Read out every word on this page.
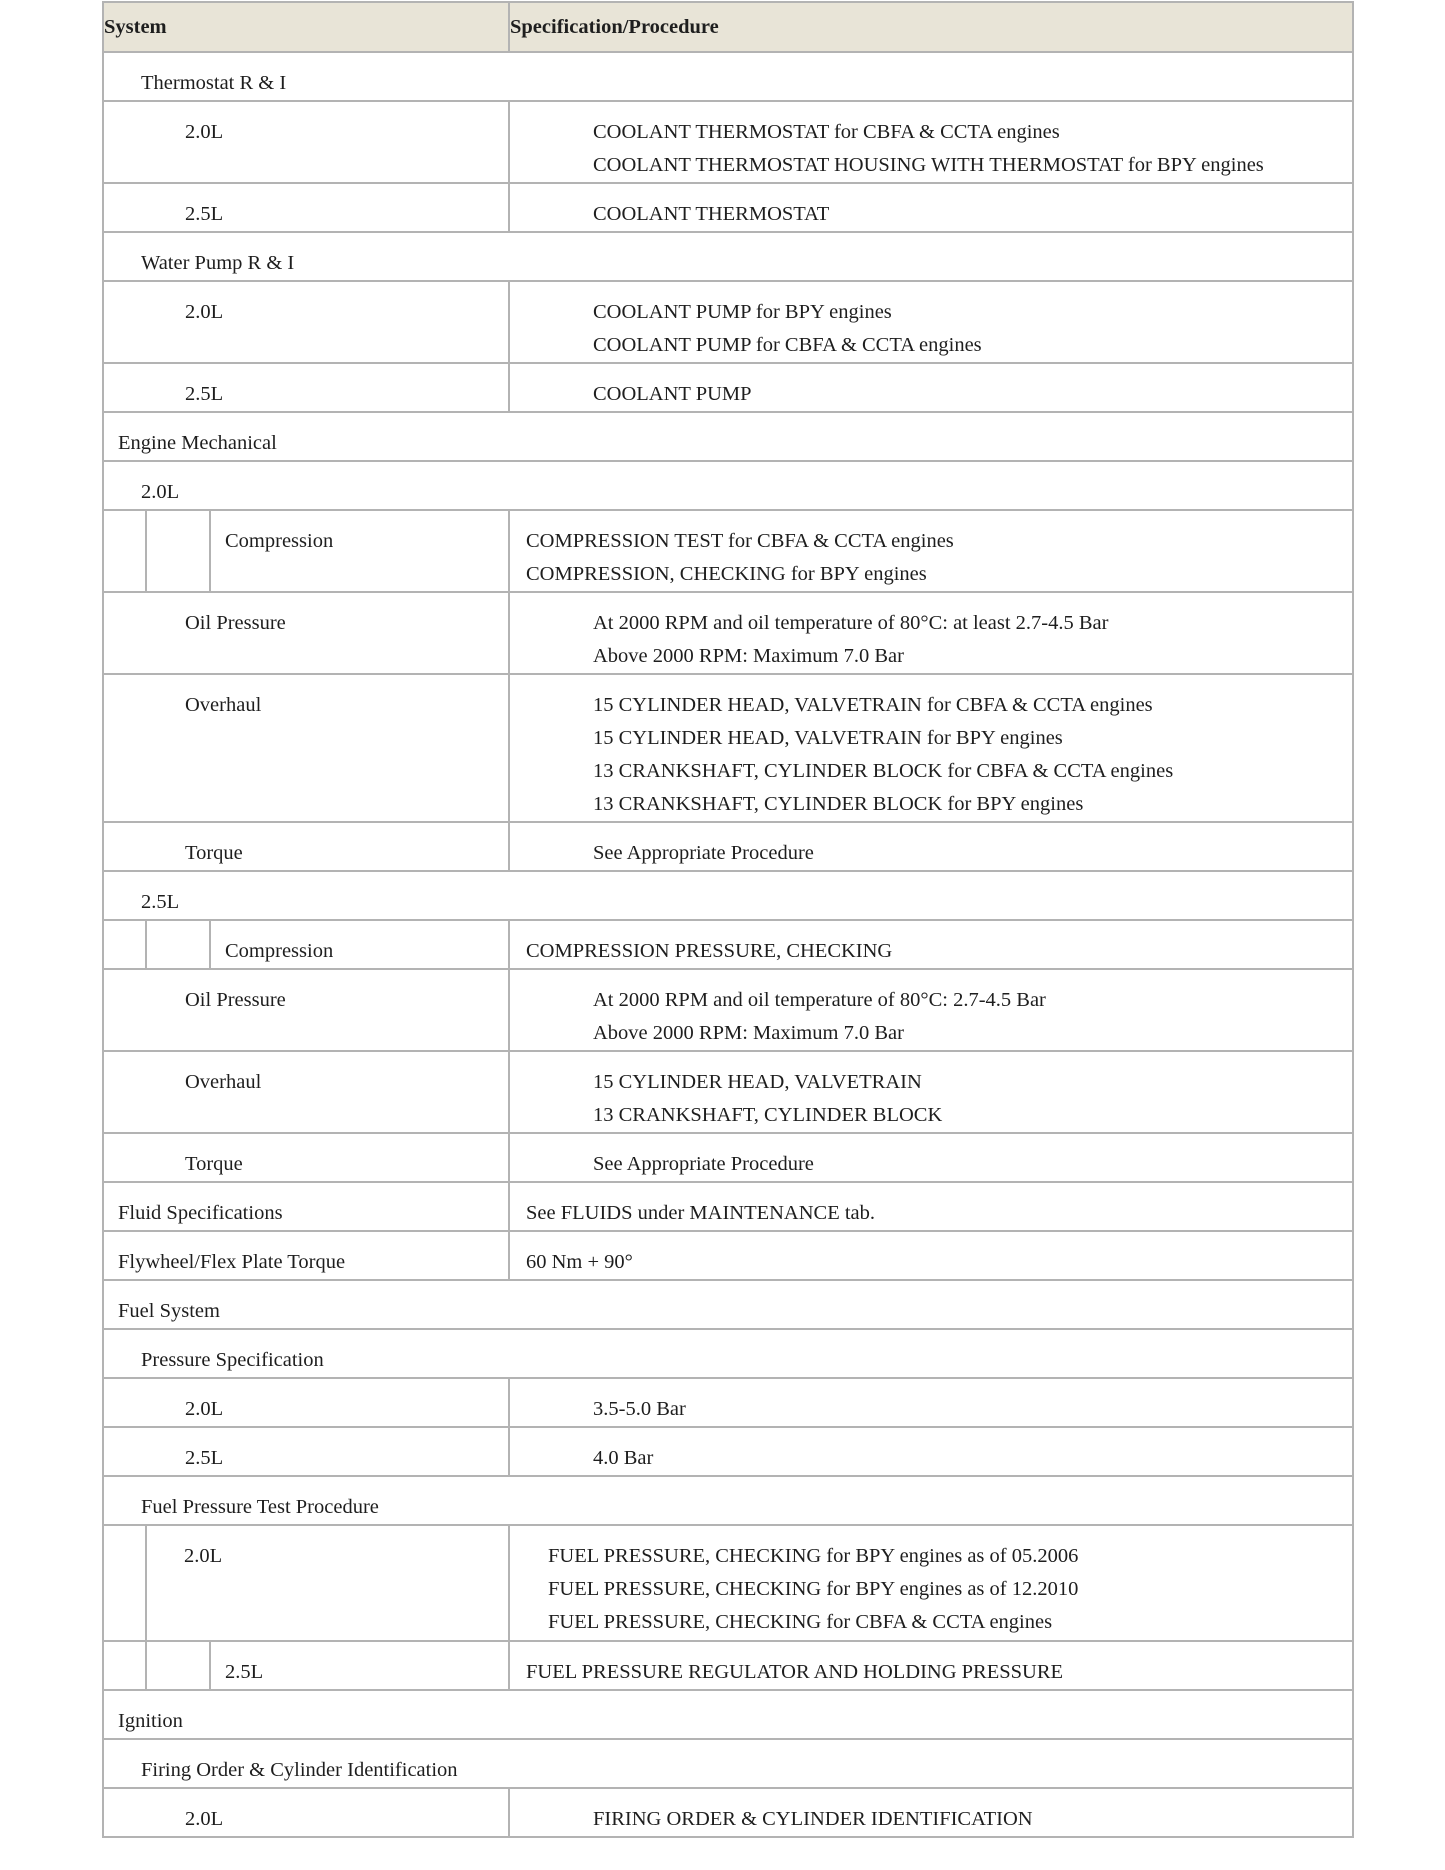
System			Specification/Procedure

Thermostat R & I			

2.0L			COOLANT THERMOSTAT for CBFA & CCTA engines
COOLANT THERMOSTAT HOUSING WITH THERMOSTAT for BPY engines

2.5L			COOLANT THERMOSTAT

Water Pump R & I			

2.0L			COOLANT PUMP for BPY engines
COOLANT PUMP for CBFA & CCTA engines

2.5L			COOLANT PUMP

Engine Mechanical			

2.0L			

		Compression	COMPRESSION TEST for CBFA & CCTA engines
COMPRESSION, CHECKING for BPY engines

Oil Pressure			At 2000 RPM and oil temperature of 80°C: at least 2.7-4.5 Bar
Above 2000 RPM: Maximum 7.0 Bar

Overhaul			15 CYLINDER HEAD, VALVETRAIN for CBFA & CCTA engines
15 CYLINDER HEAD, VALVETRAIN for BPY engines
13 CRANKSHAFT, CYLINDER BLOCK for CBFA & CCTA engines
13 CRANKSHAFT, CYLINDER BLOCK for BPY engines

Torque			See Appropriate Procedure

2.5L			

		Compression	COMPRESSION PRESSURE, CHECKING

Oil Pressure			At 2000 RPM and oil temperature of 80°C: 2.7-4.5 Bar
Above 2000 RPM: Maximum 7.0 Bar

Overhaul			15 CYLINDER HEAD, VALVETRAIN
13 CRANKSHAFT, CYLINDER BLOCK

Torque			See Appropriate Procedure

Fluid Specifications			See FLUIDS under MAINTENANCE tab.

Flywheel/Flex Plate Torque			60 Nm + 90°

Fuel System			

Pressure Specification			

2.0L			3.5-5.0 Bar

2.5L			4.0 Bar

Fuel Pressure Test Procedure			

	2.0L		FUEL PRESSURE, CHECKING for BPY engines as of 05.2006
FUEL PRESSURE, CHECKING for BPY engines as of 12.2010
FUEL PRESSURE, CHECKING for CBFA & CCTA engines

		2.5L	FUEL PRESSURE REGULATOR AND HOLDING PRESSURE

Ignition			

Firing Order & Cylinder Identification			

2.0L			FIRING ORDER & CYLINDER IDENTIFICATION
